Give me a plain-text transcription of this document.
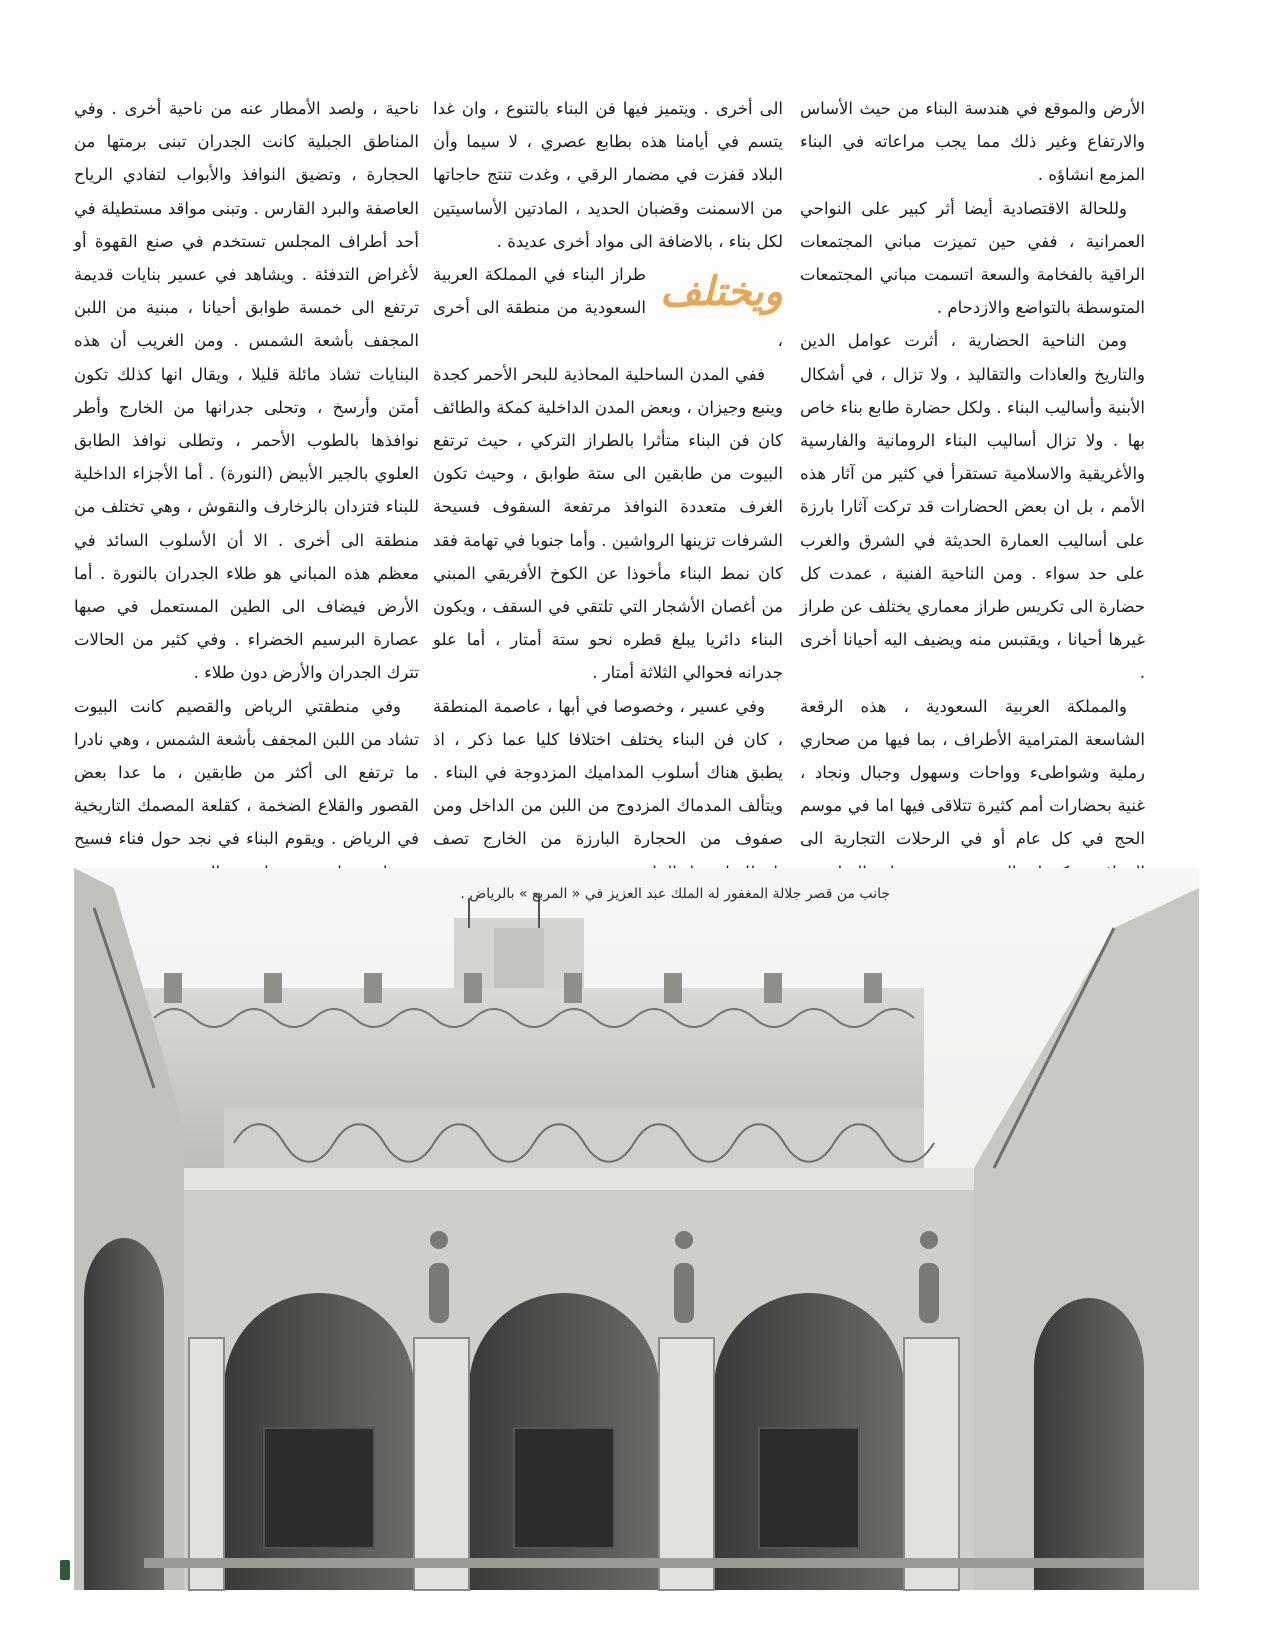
الأرض والموقع في هندسة البناء من حيث الأساس والارتفاع وغير ذلك مما يجب مراعاته في البناء المزمع انشاؤه .

وللحالة الاقتصادية أيضا أثر كبير على النواحي العمرانية ، ففي حين تميزت مباني المجتمعات الراقية بالفخامة والسعة اتسمت مباني المجتمعات المتوسطة بالتواضع والازدحام .

ومن الناحية الحضارية ، أثرت عوامل الدين والتاريخ والعادات والتقاليد ، ولا تزال ، في أشكال الأبنية وأساليب البناء . ولكل حضارة طابع بناء خاص بها . ولا تزال أساليب البناء الرومانية والفارسية والأغريقية والاسلامية تستقرأ في كثير من آثار هذه الأمم ، بل ان بعض الحضارات قد تركت آثارا بارزة على أساليب العمارة الحديثة في الشرق والغرب على حد سواء . ومن الناحية الفنية ، عمدت كل حضارة الى تكريس طراز معماري يختلف عن طراز غيرها أحيانا ، ويقتبس منه ويضيف اليه أحيانا أخرى .

والمملكة العربية السعودية ، هذه الرقعة الشاسعة المترامية الأطراف ، بما فيها من صحاري رملية وشواطىء وواحات وسهول وجبال ونجاد ، غنية بحضارات أمم كثيرة تتلاقى فيها اما في موسم الحج في كل عام أو في الرحلات التجارية الى

الى أخرى . ويتميز فيها فن البناء بالتنوع ، وان غدا يتسم في أيامنا هذه بطابع عصري ، لا سيما وأن البلاد قفزت في مضمار الرقي ، وغدت تنتج حاجاتها من الاسمنت وقضبان الحديد ، المادتين الأساسيتين لكل بناء ، بالاضافة الى مواد أخرى عديدة .

ويختلف
طراز البناء في المملكة العربية السعودية من منطقة الى أخرى ،

ففي المدن الساحلية المحاذية للبحر الأحمر كجدة وينبع وجيزان ، وبعض المدن الداخلية كمكة والطائف كان فن البناء متأثرا بالطراز التركي ، حيث ترتفع البيوت من طابقين الى ستة طوابق ، وحيث تكون الغرف متعددة النوافذ مرتفعة السقوف فسيحة الشرفات تزينها الرواشين . وأما جنوبا في تهامة فقد كان نمط البناء مأخوذا عن الكوخ الأفريقي المبني من أغصان الأشجار التي تلتقي في السقف ، ويكون البناء دائريا يبلغ قطره نحو ستة أمتار ، أما علو جدرانه فحوالي الثلاثة أمتار .

وفي عسير ، وخصوصا في أبها ، عاصمة المنطقة ، كان فن البناء يختلف اختلافا كليا عما ذكر ، اذ يطبق هناك أسلوب المداميك المزدوجة في البناء . ويتألف المدماك المزدوج من اللبن من الداخل ومن صفوف من الحجارة البارزة من الخارج تصف

ناحية ، ولصد الأمطار عنه من ناحية أخرى . وفي المناطق الجبلية كانت الجدران تبنى برمتها من الحجارة ، وتضيق النوافذ والأبواب لتفادي الرياح العاصفة والبرد القارس . وتبنى مواقد مستطيلة في أحد أطراف المجلس تستخدم في صنع القهوة أو لأغراض التدفئة . ويشاهد في عسير بنايات قديمة ترتفع الى خمسة طوابق أحيانا ، مبنية من اللبن المجفف بأشعة الشمس . ومن الغريب أن هذه البنايات تشاد مائلة قليلا ، ويقال انها كذلك تكون أمتن وأرسخ ، وتحلى جدرانها من الخارج وأطر نوافذها بالطوب الأحمر ، وتطلى نوافذ الطابق العلوي بالجير الأبيض (النورة) . أما الأجزاء الداخلية للبناء فتزدان بالزخارف والنقوش ، وهي تختلف من منطقة الى أخرى . الا أن الأسلوب السائد في معظم هذه المباني هو طلاء الجدران بالنورة . أما الأرض فيضاف الى الطين المستعمل في صبها عصارة البرسيم الخضراء . وفي كثير من الحالات تترك الجدران والأرض دون طلاء .

وفي منطقتي الرياض والقصيم كانت البيوت تشاد من اللبن المجفف بأشعة الشمس ، وهي نادرا ما ترتفع الى أكثر من طابقين ، ما عدا بعض القصور والقلاع الضخمة ، كقلعة المصمك التاريخية في الرياض . ويقوم البناء في نجد حول فناء فسيح

جانب من قصر جلالة المغفور له الملك عبد العزيز في « المربع » بالرياض .
